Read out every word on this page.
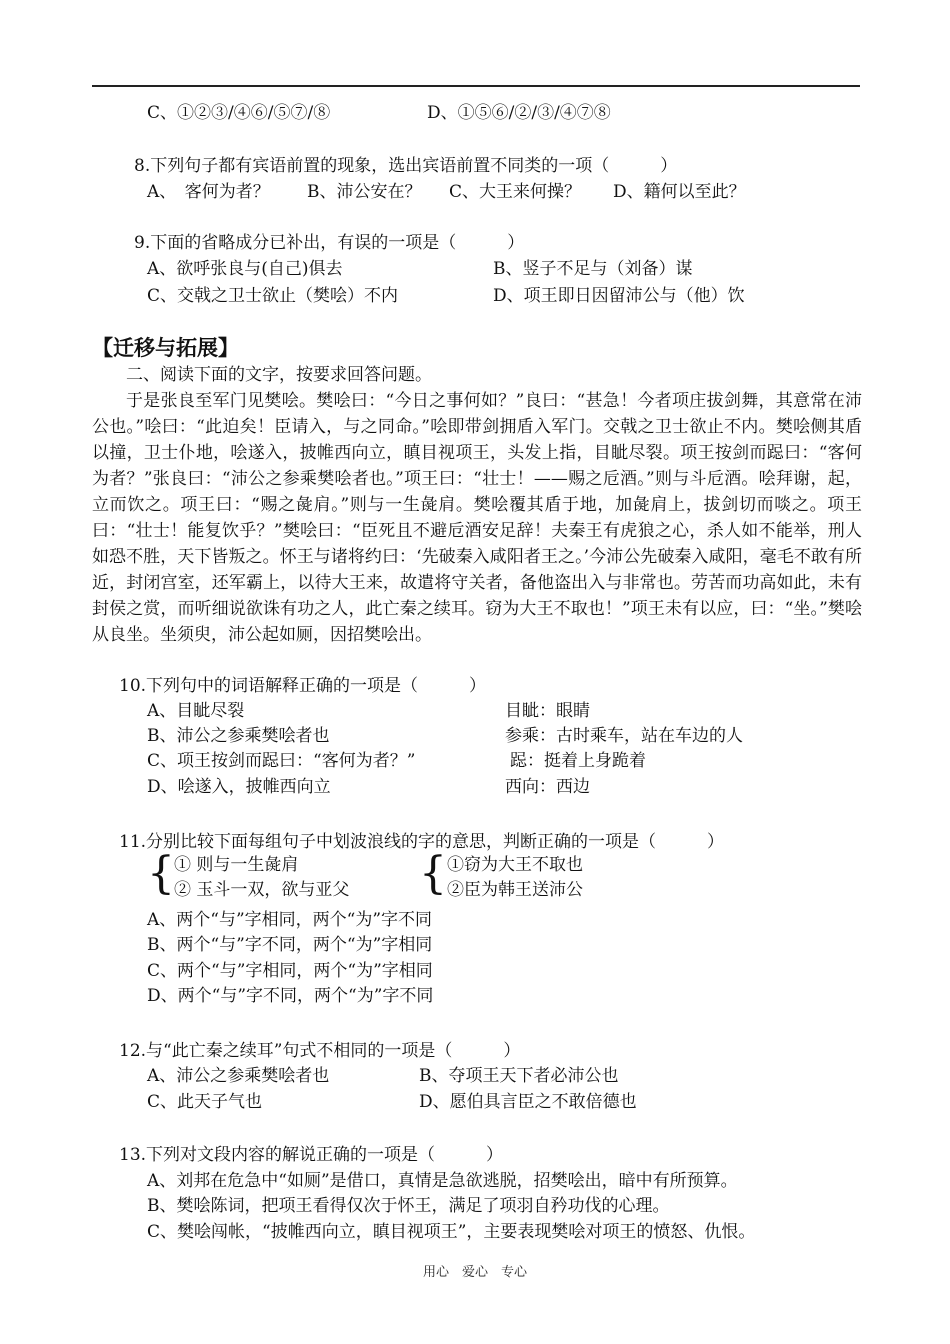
C、①②③/④⑥/⑤⑦/⑧	D、①⑤⑥/②/③/④⑦⑧
8.下列句子都有宾语前置的现象，选出宾语前置不同类的一项（　　　）
A、　客何为者？ B、沛公安在？ C、大王来何操？ D、籍何以至此？
9.下面的省略成分已补出，有误的一项是（　　　）
A、欲呼张良与(自己)俱去	B、竖子不足与（刘备）谋
C、交戟之卫士欲止（樊哙）不内	D、项王即日因留沛公与（他）饮
【迁移与拓展】

二、阅读下面的文字，按要求回答问题。

于是张良至军门见樊哙。樊哙曰：“今日之事何如？”良曰：“甚急！今者项庄拔剑舞，其意常在沛公也。”哙曰：“此迫矣！臣请入，与之同命。”哙即带剑拥盾入军门。交戟之卫士欲止不内。樊哙侧其盾以撞，卫士仆地，哙遂入，披帷西向立，瞋目视项王，头发上指，目眦尽裂。项王按剑而跽曰：“客何为者？”张良曰：“沛公之参乘樊哙者也。”项王曰：“壮士！——赐之卮酒。”则与斗卮酒。哙拜谢，起，立而饮之。项王曰：“赐之彘肩。”则与一生彘肩。樊哙覆其盾于地，加彘肩上，拔剑切而啖之。项王曰：“壮士！能复饮乎？”樊哙曰：“臣死且不避卮酒安足辞！夫秦王有虎狼之心，杀人如不能举，刑人如恐不胜，天下皆叛之。怀王与诸将约曰：‘先破秦入咸阳者王之。’今沛公先破秦入咸阳，毫毛不敢有所近，封闭宫室，还军霸上，以待大王来，故遣将守关者，备他盗出入与非常也。劳苦而功高如此，未有封侯之赏，而听细说欲诛有功之人，此亡秦之续耳。窃为大王不取也！”项王未有以应，曰：“坐。”樊哙从良坐。坐须臾，沛公起如厕，因招樊哙出。

10.下列句中的词语解释正确的一项是（　　　）
A、目眦尽裂	目眦：眼睛
B、沛公之参乘樊哙者也	参乘：古时乘车，站在车边的人
C、项王按剑而跽曰：“客何为者？”	跽：挺着上身跪着
D、哙遂入，披帷西向立	西向：西边
11.分别比较下面每组句子中划波浪线的字的意思，判断正确的一项是（　　　）
{ ① 则与一生彘肩
② 玉斗一双，欲与亚父 { ①窃为大王不取也
②臣为韩王送沛公
A、两个“与”字相同，两个“为”字不同
B、两个“与”字不同，两个“为”字相同
C、两个“与”字相同，两个“为”字相同
D、两个“与”字不同，两个“为”字不同
12.与“此亡秦之续耳”句式不相同的一项是（　　　）
A、沛公之参乘樊哙者也	B、夺项王天下者必沛公也
C、此天子气也	D、愿伯具言臣之不敢倍德也
13.下列对文段内容的解说正确的一项是（　　　）
A、刘邦在危急中“如厕”是借口，真情是急欲逃脱，招樊哙出，暗中有所预算。
B、樊哙陈词，把项王看得仅次于怀王，满足了项羽自矜功伐的心理。
C、樊哙闯帐，“披帷西向立，瞋目视项王”，主要表现樊哙对项王的愤怒、仇恨。
用心　爱心　专心
